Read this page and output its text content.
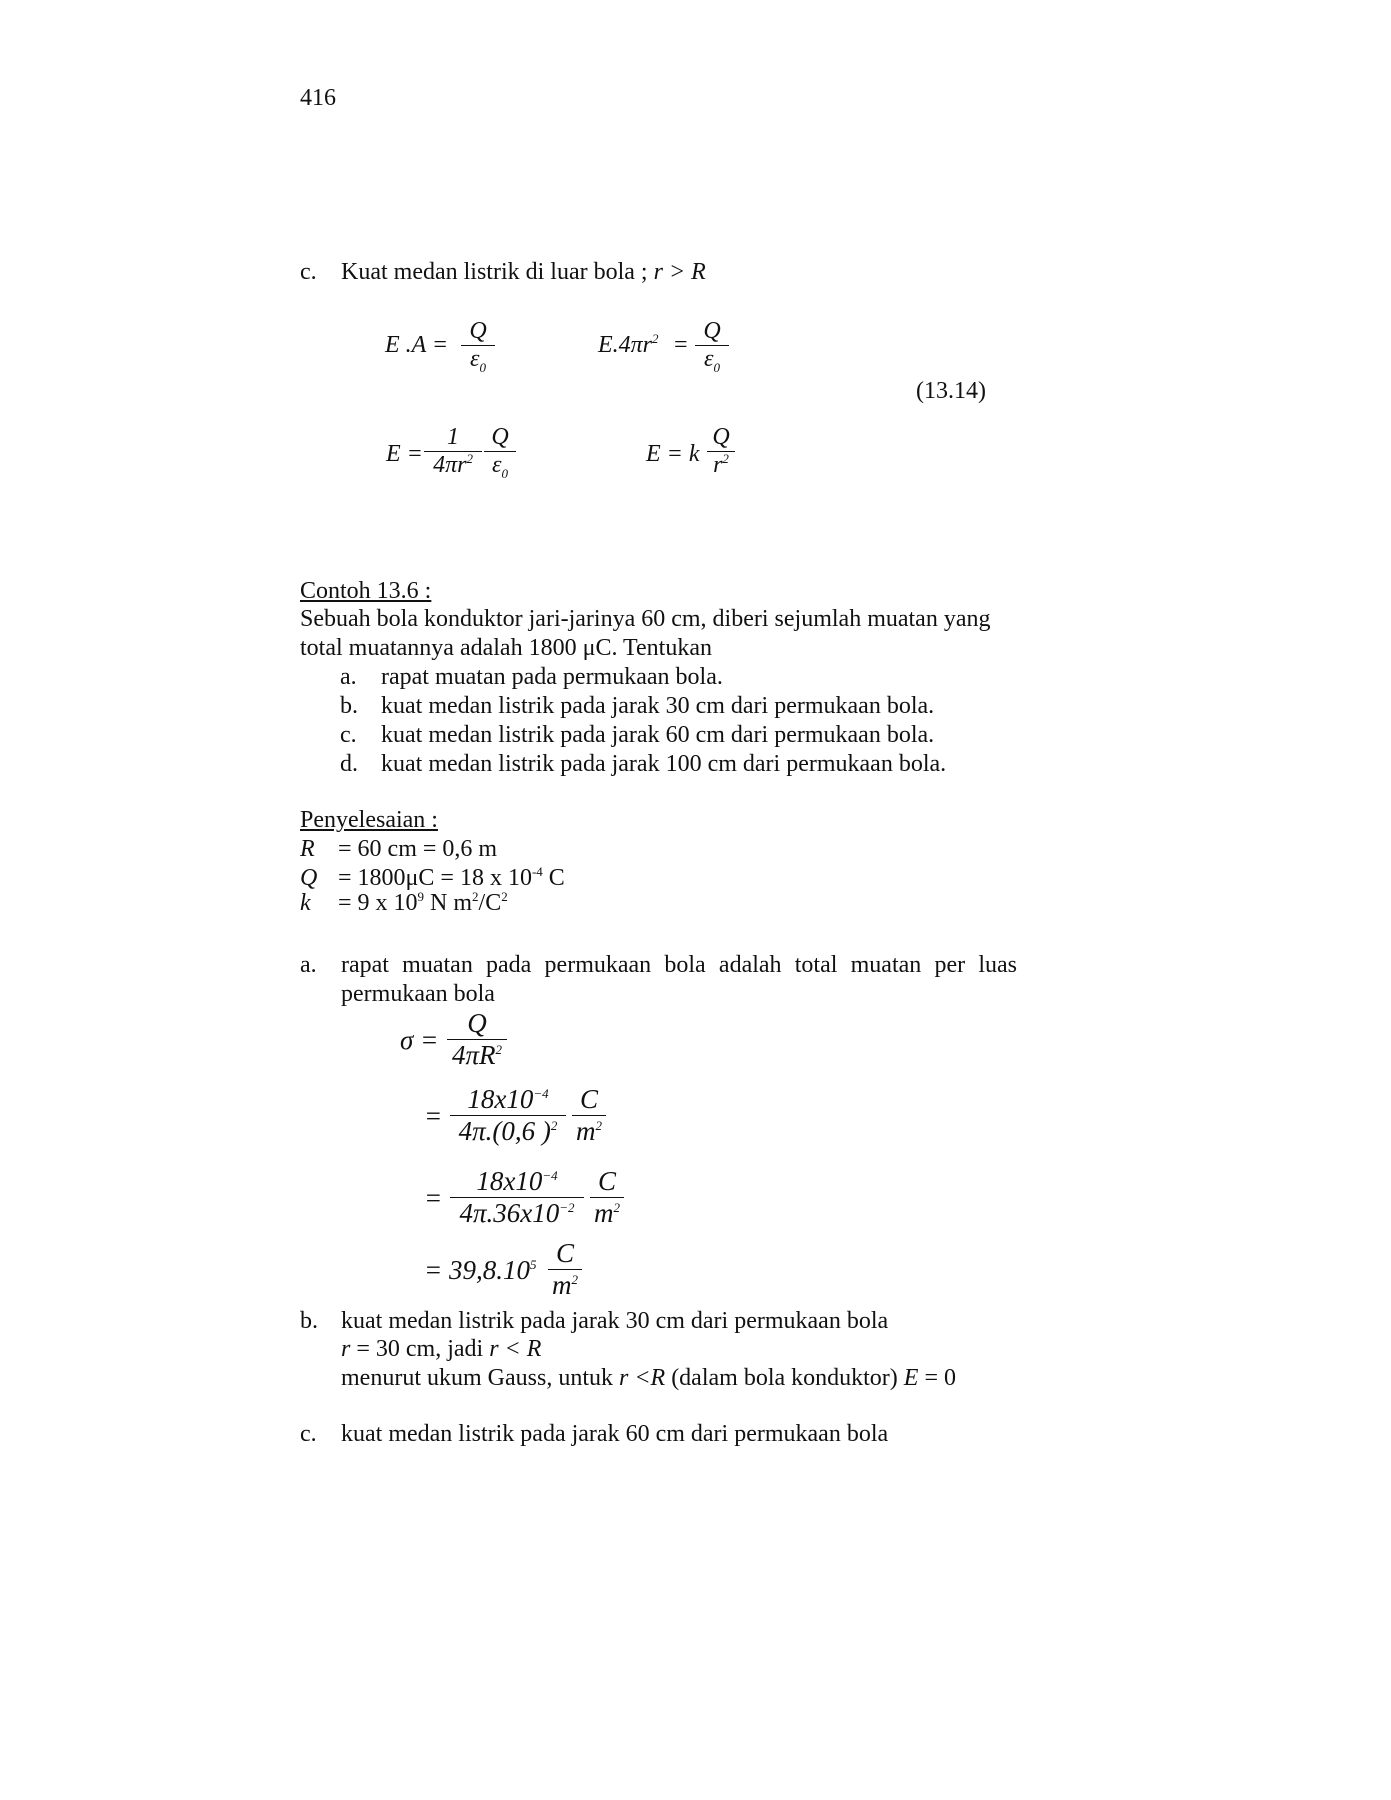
416
c. Kuat medan listrik di luar bola ; r > R
E .A =
Q
$\varepsilon_0$
$E.4\pi r^2$ =
Q
$\varepsilon_0$
(13.14)
E =
1
$4\pi r^2$
Q
$\varepsilon_0$
E = k
Q
$r^2$
Contoh 13.6 :
Sebuah bola konduktor jari-jarinya 60 cm, diberi sejumlah muatan yang
total muatannya adalah 1800 μC. Tentukan
a. rapat muatan pada permukaan bola.
b. kuat medan listrik pada jarak 30 cm dari permukaan bola.
c. kuat medan listrik pada jarak 60 cm dari permukaan bola.
d. kuat medan listrik pada jarak 100 cm dari permukaan bola.
Penyelesaian :
R = 60 cm = 0,6 m
Q = 1800μC = 18 x $10^{-4}$ C
k = 9 x $10^9$ N $m^2/C^2$
a. rapat muatan pada permukaan bola adalah total muatan per luas
permukaan bola
σ =
Q
$4\pi R^2$
=
$18x10^{-4}$
4π.(0,6 )$^2$
C
$m^2$
=
$18x10^{-4}$
$4\pi.36x10^{-2}$
C
$m^2$
= $39,8.10^5$ C
$m^2$
b. kuat medan listrik pada jarak 30 cm dari permukaan bola
r = 30 cm, jadi r < R
menurut ukum Gauss, untuk r <R (dalam bola konduktor) E = 0
c. kuat medan listrik pada jarak 60 cm dari permukaan bola
